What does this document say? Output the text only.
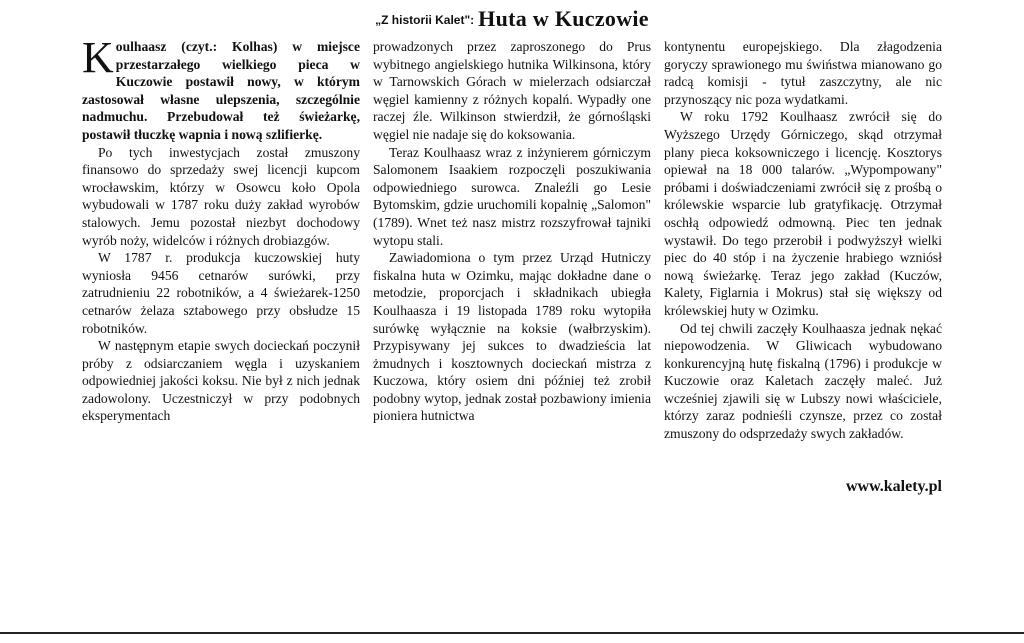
„Z historii Kalet": Huta w Kuczowie

Koulhaasz (czyt.: Kolhas) w miejsce przestarzałego wielkiego pieca w Kuczowie postawił nowy, w którym zastosował własne ulepszenia, szczególnie nadmuchu. Przebudował też świeżarkę, postawił tłuczkę wapnia i nową szlifierkę.

Po tych inwestycjach został zmuszony finansowo do sprzedaży swej licencji kupcom wrocławskim, którzy w Osowcu koło Opola wybudowali w 1787 roku duży zakład wyrobów stalowych. Jemu pozostał niezbyt dochodowy wyrób noży, widelców i różnych drobiazgów.

W 1787 r. produkcja kuczowskiej huty wyniosła 9456 cetnarów surówki, przy zatrudnieniu 22 robotników, a 4 świeżarek-1250 cetnarów żelaza sztabowego przy obsłudze 15 robotników.

W następnym etapie swych docieckań poczynił próby z odsiarczaniem węgla i uzyskaniem odpowiedniej jakości koksu. Nie był z nich jednak zadowolony. Uczestniczył w przy podobnych eksperymentach

prowadzonych przez zaproszonego do Prus wybitnego angielskiego hutnika Wilkinsona, który w Tarnowskich Górach w mielerzach odsiarczał węgiel kamienny z różnych kopalń. Wypadły one raczej źle. Wilkinson stwierdził, że górnośląski węgiel nie nadaje się do koksowania.

Teraz Koulhaasz wraz z inżynierem górniczym Salomonem Isaakiem rozpoczęli poszukiwania odpowiedniego surowca. Znaleźli go Lesie Bytomskim, gdzie uruchomili kopalnię „Salomon" (1789). Wnet też nasz mistrz rozszyfrował tajniki wytopu stali.

Zawiadomiona o tym przez Urząd Hutniczy fiskalna huta w Ozimku, mając dokładne dane o metodzie, proporcjach i składnikach ubiegła Koulhaasza i 19 listopada 1789 roku wytopiła surówkę wyłącznie na koksie (wałbrzyskim). Przypisywany jej sukces to dwadzieścia lat żmudnych i kosztownych docieckań mistrza z Kuczowa, który osiem dni później też zrobił podobny wytop, jednak został pozbawiony imienia pioniera hutnictwa

kontynentu europejskiego. Dla złagodzenia goryczy sprawionego mu świństwa mianowano go radcą komisji - tytuł zaszczytny, ale nic przynoszący nic poza wydatkami.

W roku 1792 Koulhaasz zwrócił się do Wyższego Urzędy Górniczego, skąd otrzymał plany pieca koksowniczego i licencję. Kosztorys opiewał na 18 000 talarów. „Wypompowany" próbami i doświadczeniami zwrócił się z prośbą o królewskie wsparcie lub gratyfikację. Otrzymał oschłą odpowiedź odmowną. Piec ten jednak wystawił. Do tego przerobił i podwyższył wielki piec do 40 stóp i na życzenie hrabiego wzniósł nową świeżarkę. Teraz jego zakład (Kuczów, Kalety, Figlarnia i Mokrus) stał się większy od królewskiej huty w Ozimku.

Od tej chwili zaczęły Koulhaasza jednak nękać niepowodzenia. W Gliwicach wybudowano konkurencyjną hutę fiskalną (1796) i produkcje w Kuczowie oraz Kaletach zaczęły maleć. Już wcześniej zjawili się w Lubszy nowi właściciele, którzy zaraz podnieśli czynsze, przez co został zmuszony do odsprzedaży swych zakładów.

www.kalety.pl
